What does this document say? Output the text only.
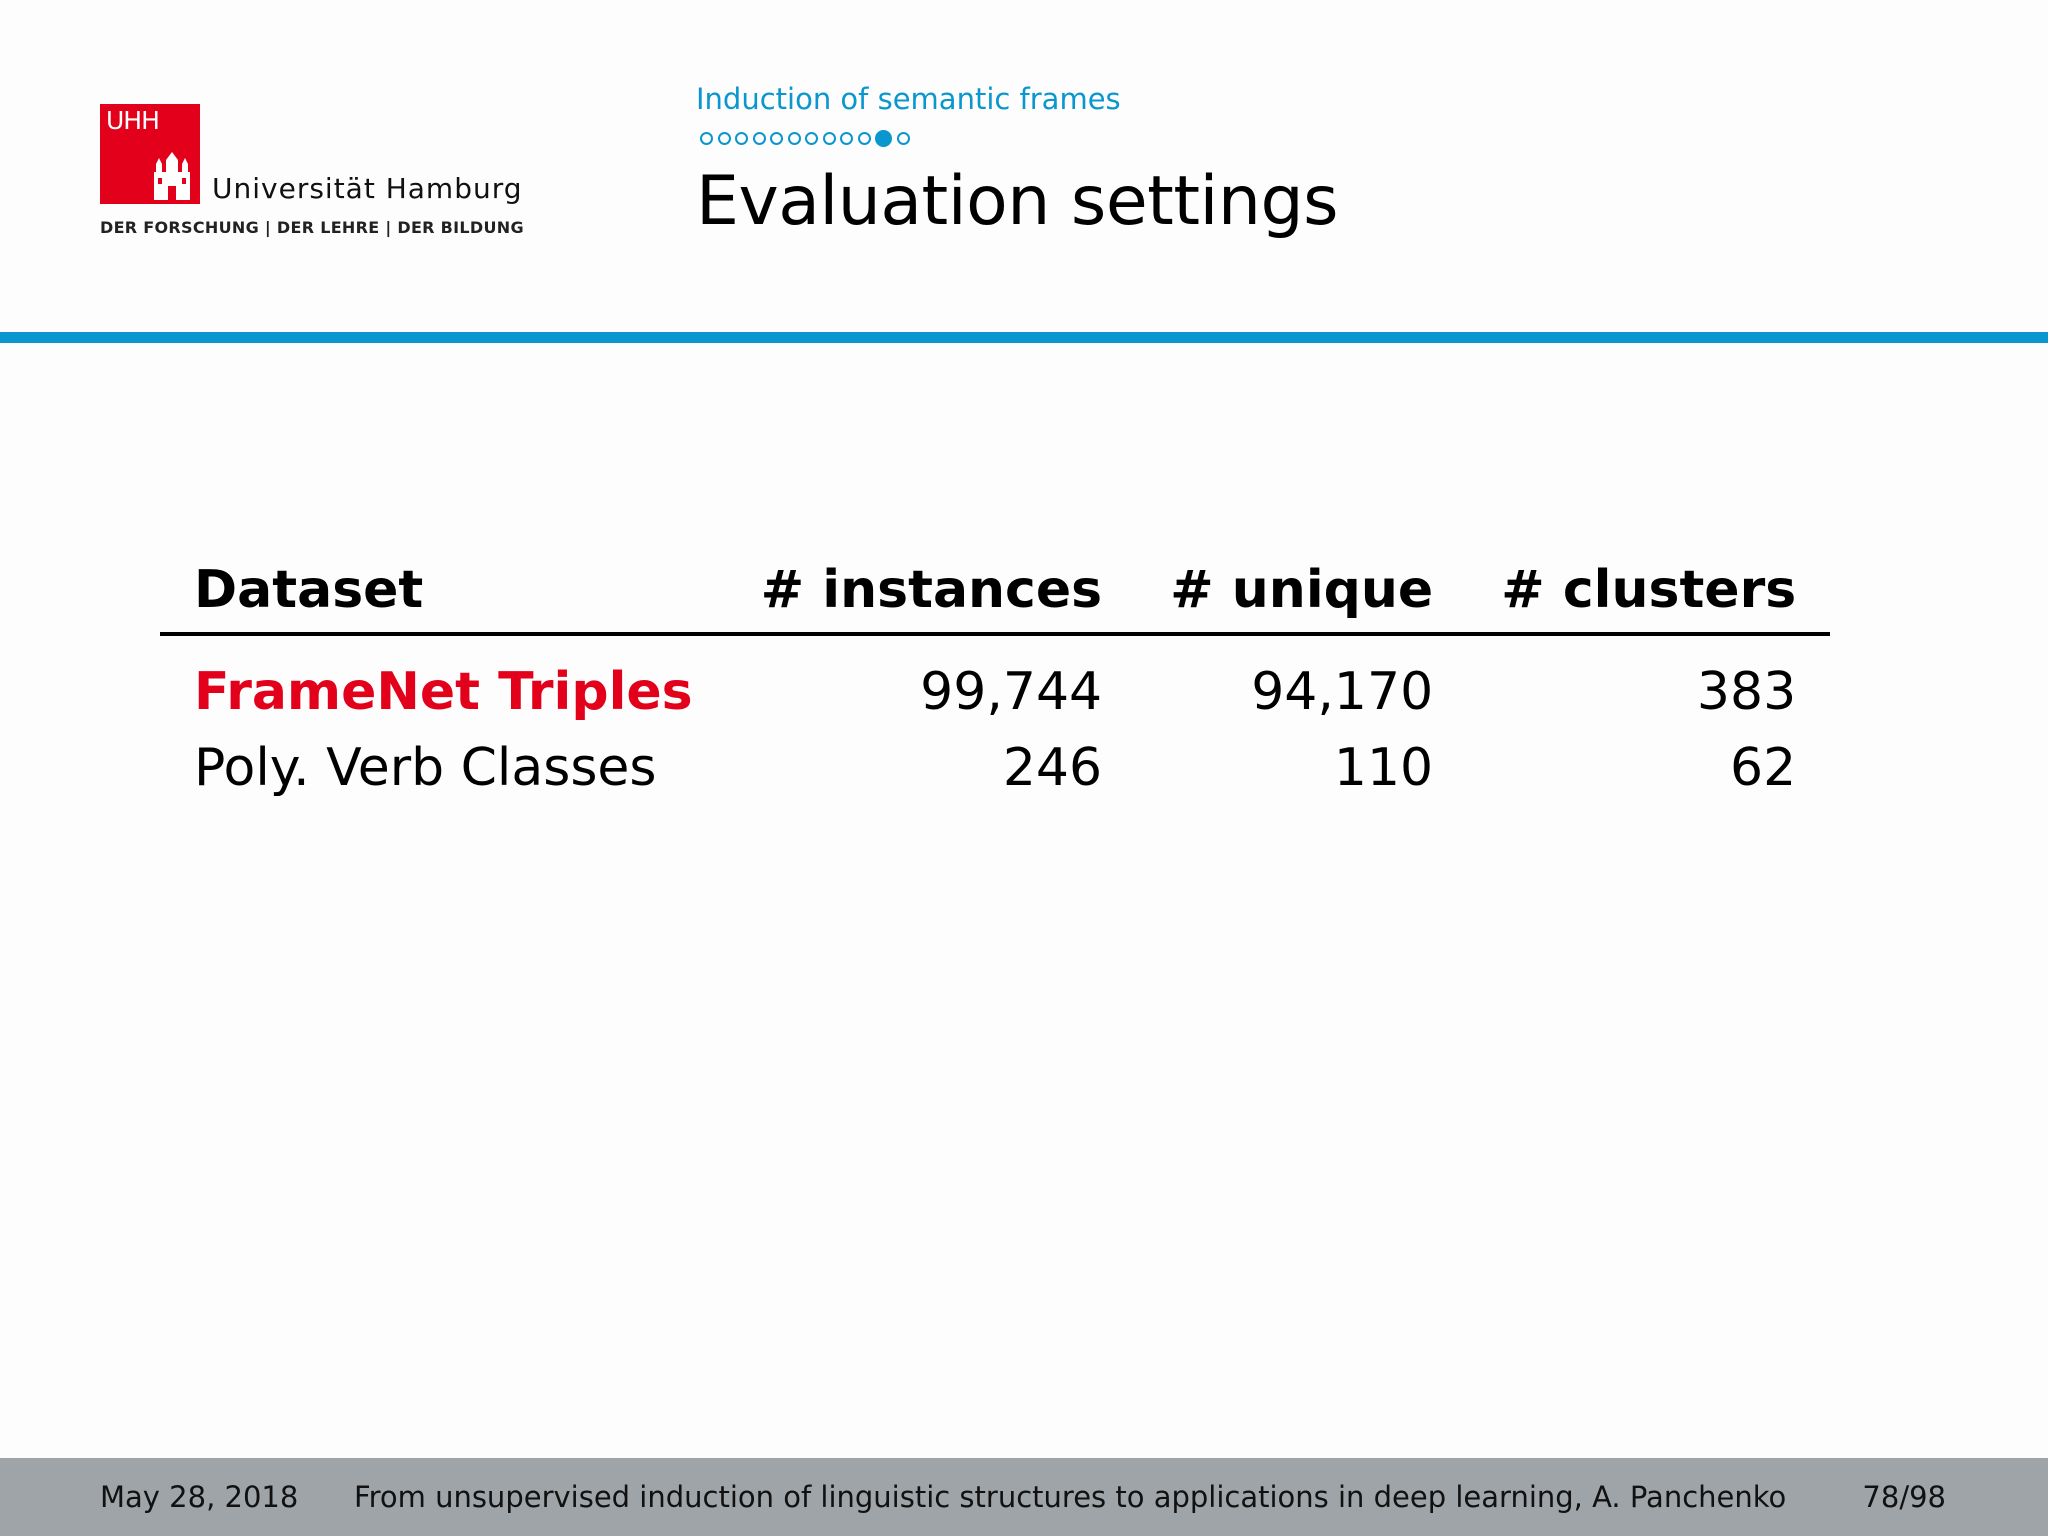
UHH
Universität Hamburg
DER FORSCHUNG | DER LEHRE | DER BILDUNG
Induction of semantic frames
Evaluation settings
Dataset	# instances	# unique	# clusters
FrameNet Triples	99,744	94,170	383
Poly. Verb Classes	246	110	62
May 28, 2018 From unsupervised induction of linguistic structures to applications in deep learning, A. Panchenko	78/98
